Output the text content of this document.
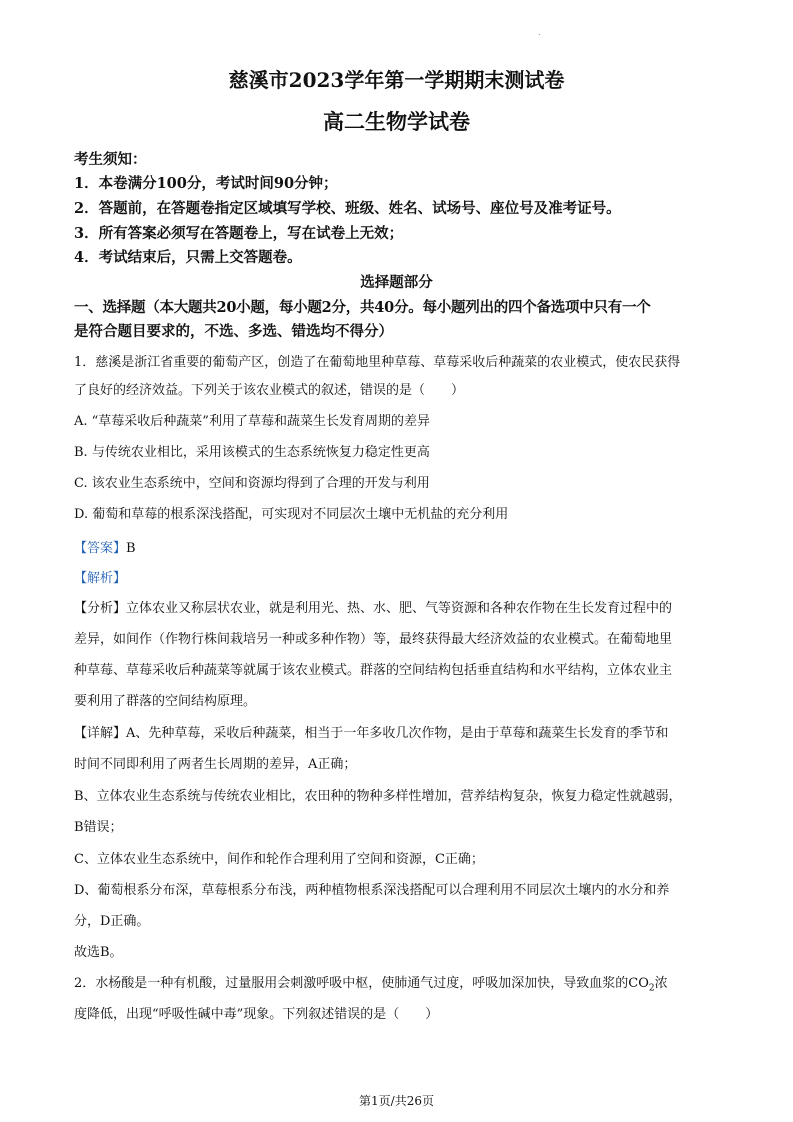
.
慈溪市2023学年第一学期期末测试卷
高二生物学试卷
考生须知：
1．本卷满分100分，考试时间90分钟；
2．答题前，在答题卷指定区域填写学校、班级、姓名、试场号、座位号及准考证号。
3．所有答案必须写在答题卷上，写在试卷上无效；
4．考试结束后，只需上交答题卷。
选择题部分
一、选择题（本大题共20小题，每小题2分，共40分。每小题列出的四个备选项中只有一个
是符合题目要求的，不选、多选、错选均不得分）
1．慈溪是浙江省重要的葡萄产区，创造了在葡萄地里种草莓、草莓采收后种蔬菜的农业模式，使农民获得
了良好的经济效益。下列关于该农业模式的叙述，错误的是（　　）
A. “草莓采收后种蔬菜”利用了草莓和蔬菜生长发育周期的差异
B. 与传统农业相比，采用该模式的生态系统恢复力稳定性更高
C. 该农业生态系统中，空间和资源均得到了合理的开发与利用
D. 葡萄和草莓的根系深浅搭配，可实现对不同层次土壤中无机盐的充分利用
【答案】B
【解析】
【分析】立体农业又称层状农业，就是利用光、热、水、肥、气等资源和各种农作物在生长发育过程中的
差异，如间作（作物行株间栽培另一种或多种作物）等，最终获得最大经济效益的农业模式。在葡萄地里
种草莓、草莓采收后种蔬菜等就属于该农业模式。群落的空间结构包括垂直结构和水平结构，立体农业主
要利用了群落的空间结构原理。
【详解】A、先种草莓，采收后种蔬菜，相当于一年多收几次作物，是由于草莓和蔬菜生长发育的季节和
时间不同即利用了两者生长周期的差异，A正确；
B、立体农业生态系统与传统农业相比，农田种的物种多样性增加，营养结构复杂，恢复力稳定性就越弱，
B错误；
C、立体农业生态系统中，间作和轮作合理利用了空间和资源，C正确；
D、葡萄根系分布深，草莓根系分布浅，两种植物根系深浅搭配可以合理利用不同层次土壤内的水分和养
分，D正确。
故选B。
2．水杨酸是一种有机酸，过量服用会刺激呼吸中枢，使肺通气过度，呼吸加深加快，导致血浆的$CO_2$浓
度降低，出现“呼吸性碱中毒”现象。下列叙述错误的是（　　）
第1页/共26页
